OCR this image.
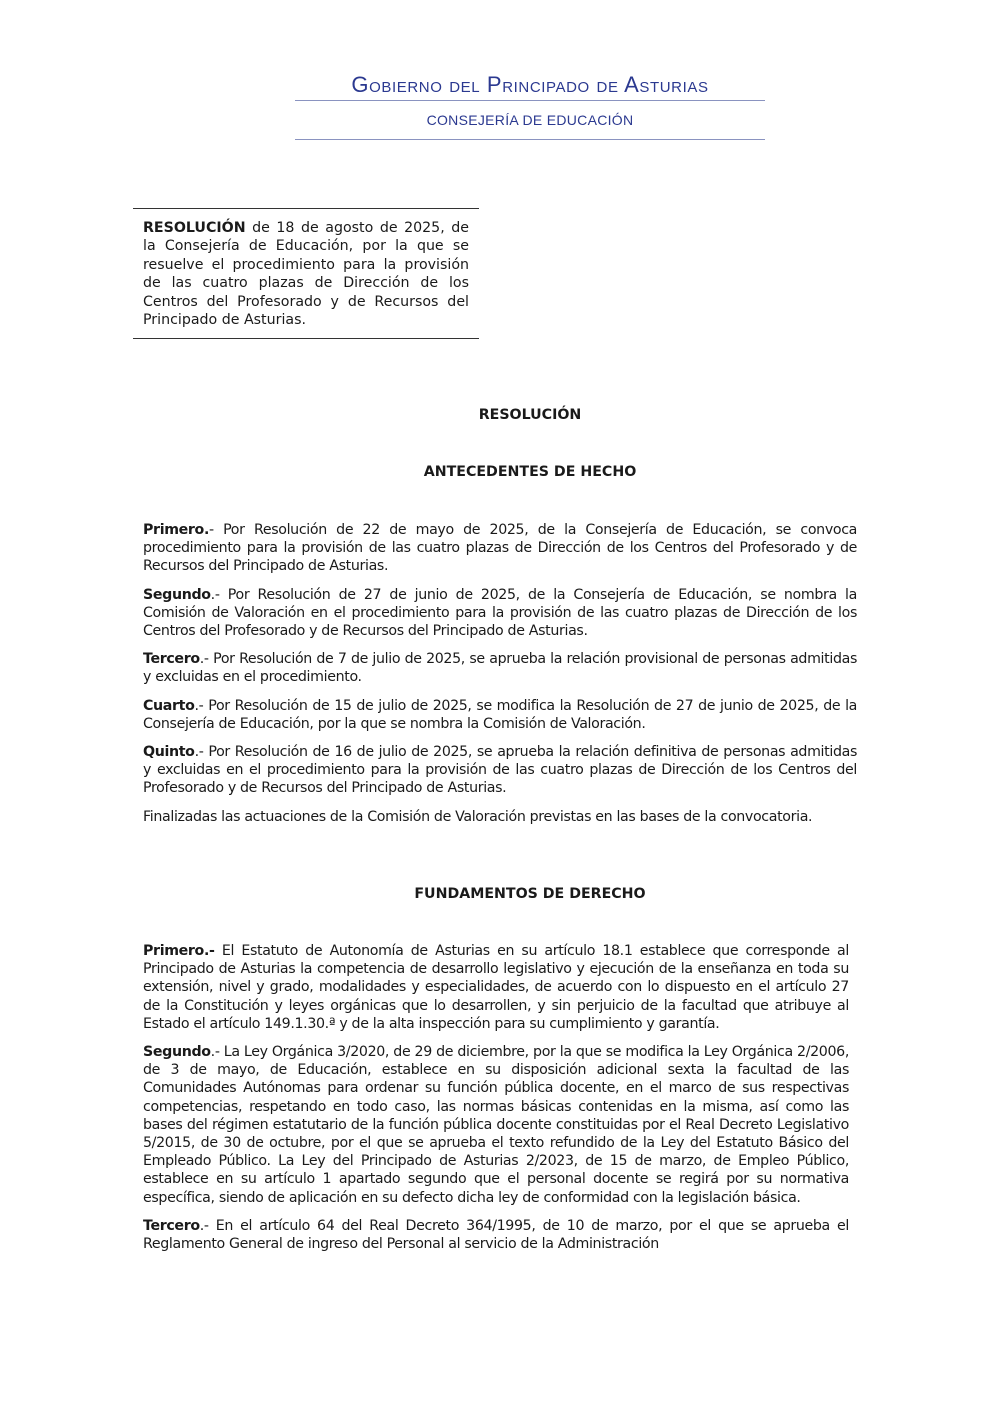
Gobierno del Principado de Asturias
CONSEJERÍA DE EDUCACIÓN

RESOLUCIÓN de 18 de agosto de 2025, de la Consejería de Educación, por la que se resuelve el procedimiento para la provisión de las cuatro plazas de Dirección de los Centros del Profesorado y de Recursos del Principado de Asturias.

RESOLUCIÓN
ANTECEDENTES DE HECHO

Primero.- Por Resolución de 22 de mayo de 2025, de la Consejería de Educación, se convoca procedimiento para la provisión de las cuatro plazas de Dirección de los Centros del Profesorado y de Recursos del Principado de Asturias.

Segundo.- Por Resolución de 27 de junio de 2025, de la Consejería de Educación, se nombra la Comisión de Valoración en el procedimiento para la provisión de las cuatro plazas de Dirección de los Centros del Profesorado y de Recursos del Principado de Asturias.

Tercero.- Por Resolución de 7 de julio de 2025, se aprueba la relación provisional de personas admitidas y excluidas en el procedimiento.

Cuarto.- Por Resolución de 15 de julio de 2025, se modifica la Resolución de 27 de junio de 2025, de la Consejería de Educación, por la que se nombra la Comisión de Valoración.

Quinto.- Por Resolución de 16 de julio de 2025, se aprueba la relación definitiva de personas admitidas y excluidas en el procedimiento para la provisión de las cuatro plazas de Dirección de los Centros del Profesorado y de Recursos del Principado de Asturias.

Finalizadas las actuaciones de la Comisión de Valoración previstas en las bases de la convocatoria.

FUNDAMENTOS DE DERECHO

Primero.- El Estatuto de Autonomía de Asturias en su artículo 18.1 establece que corresponde al Principado de Asturias la competencia de desarrollo legislativo y ejecución de la enseñanza en toda su extensión, nivel y grado, modalidades y especialidades, de acuerdo con lo dispuesto en el artículo 27 de la Constitución y leyes orgánicas que lo desarrollen, y sin perjuicio de la facultad que atribuye al Estado el artículo 149.1.30.ª y de la alta inspección para su cumplimiento y garantía.

Segundo.- La Ley Orgánica 3/2020, de 29 de diciembre, por la que se modifica la Ley Orgánica 2/2006, de 3 de mayo, de Educación, establece en su disposición adicional sexta la facultad de las Comunidades Autónomas para ordenar su función pública docente, en el marco de sus respectivas competencias, respetando en todo caso, las normas básicas contenidas en la misma, así como las bases del régimen estatutario de la función pública docente constituidas por el Real Decreto Legislativo 5/2015, de 30 de octubre, por el que se aprueba el texto refundido de la Ley del Estatuto Básico del Empleado Público. La Ley del Principado de Asturias 2/2023, de 15 de marzo, de Empleo Público, establece en su artículo 1 apartado segundo que el personal docente se regirá por su normativa específica, siendo de aplicación en su defecto dicha ley de conformidad con la legislación básica.

Tercero.- En el artículo 64 del Real Decreto 364/1995, de 10 de marzo, por el que se aprueba el Reglamento General de ingreso del Personal al servicio de la Administración
